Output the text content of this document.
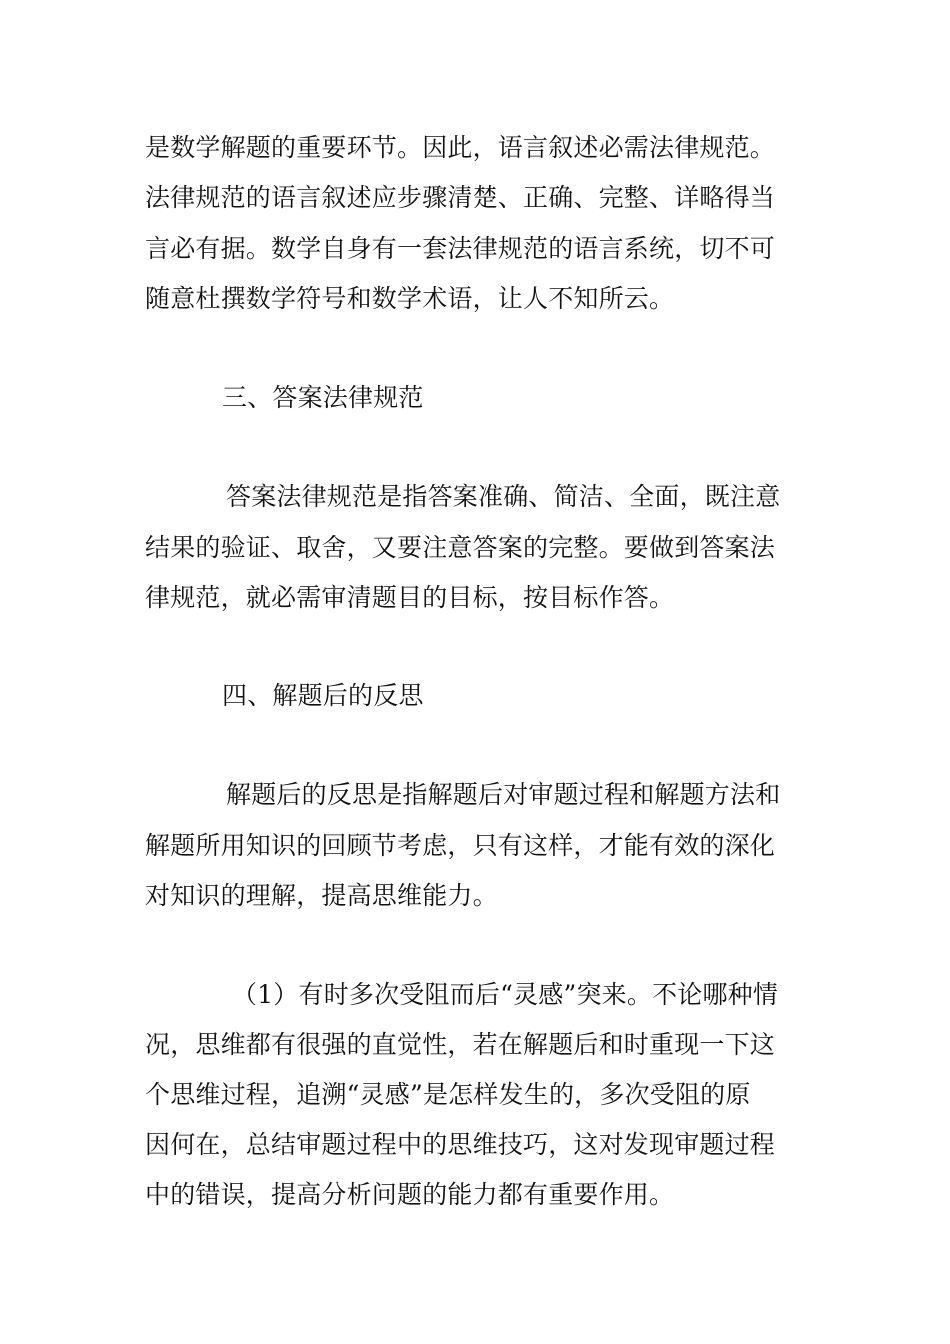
是数学解题的重要环节。因此，语言叙述必需法律规范。
法律规范的语言叙述应步骤清楚、正确、完整、详略得当
言必有据。数学自身有一套法律规范的语言系统，切不可
随意杜撰数学符号和数学术语，让人不知所云。
三、答案法律规范
答案法律规范是指答案准确、简洁、全面，既注意
结果的验证、取舍，又要注意答案的完整。要做到答案法
律规范，就必需审清题目的目标，按目标作答。
四、解题后的反思
解题后的反思是指解题后对审题过程和解题方法和
解题所用知识的回顾节考虑，只有这样，才能有效的深化
对知识的理解，提高思维能力。
（1）有时多次受阻而后“灵感”突来。不论哪种情
况，思维都有很强的直觉性，若在解题后和时重现一下这
个思维过程，追溯“灵感”是怎样发生的，多次受阻的原
因何在，总结审题过程中的思维技巧，这对发现审题过程
中的错误，提高分析问题的能力都有重要作用。
